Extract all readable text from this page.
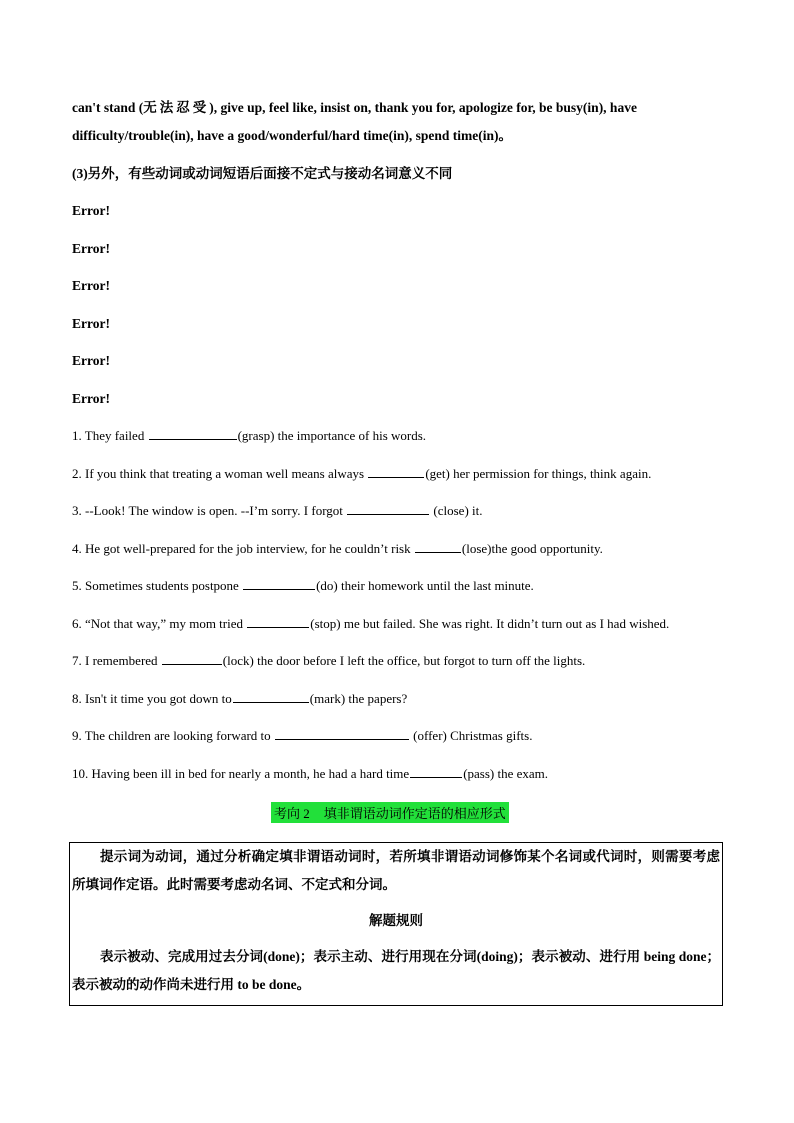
can't stand (无法忍受), give up, feel like, insist on, thank you for, apologize for, be busy(in), have

difficulty/trouble(in), have a good/wonderful/hard time(in), spend time(in)。

(3)另外，有些动词或动词短语后面接不定式与接动名词意义不同
Error!
Error!
Error!
Error!
Error!
Error!
1. They failed	(grasp) the importance of his words.
2. If you think that treating a woman well means always	(get) her permission for things, think again.
3. --Look! The window is open. --I’m sorry. I forgot	(close) it.
4. He got well-prepared for the job interview, for he couldn’t risk	(lose)the good opportunity.
5. Sometimes students postpone	(do) their homework until the last minute.
6. “Not that way,” my mom tried	(stop) me but failed. She was right. It didn’t turn out as I had wished.
7. I remembered	(lock) the door before I left the office, but forgot to turn off the lights.
8. Isn't it time you got down to	(mark) the papers?
9. The children are looking forward to	(offer) Christmas gifts.
10. Having been ill in bed for nearly a month, he had a hard time	(pass) the exam.
考向 2 填非谓语动词作定语的相应形式

提示词为动词，通过分析确定填非谓语动词时，若所填非谓语动词修饰某个名词或代词时，则需要考虑所填词作定语。此时需要考虑动名词、不定式和分词。

解题规则

表示被动、完成用过去分词(done)；表示主动、进行用现在分词(doing)；表示被动、进行用 being done；表示被动的动作尚未进行用 to be done。
